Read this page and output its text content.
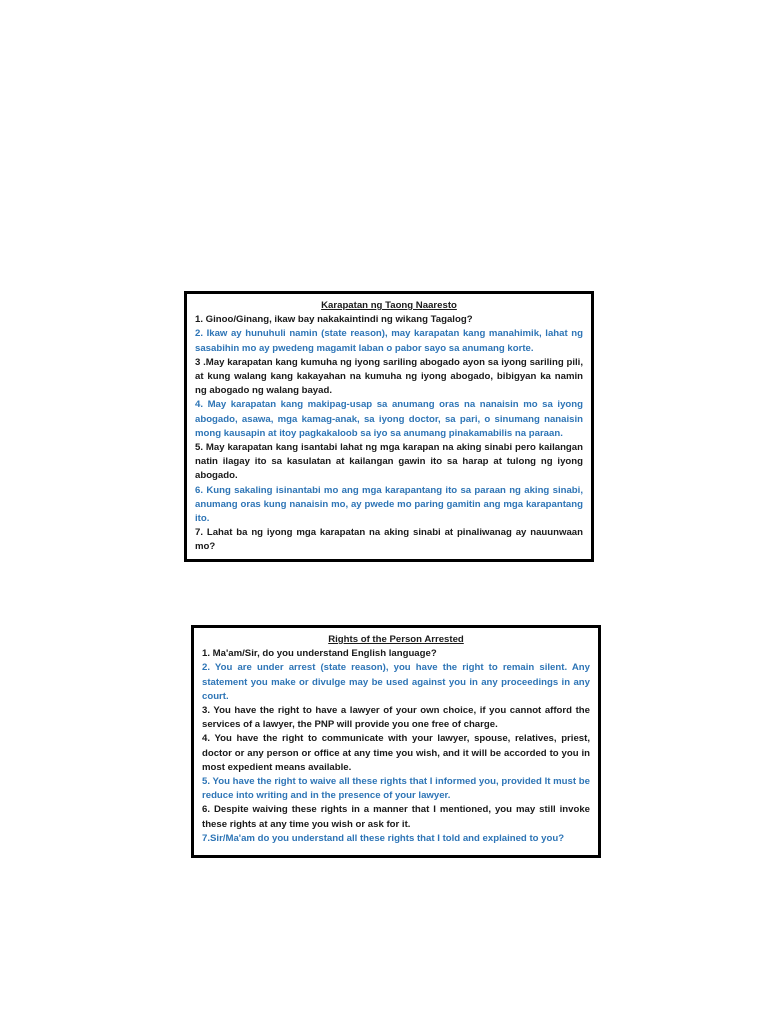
Karapatan ng Taong Naaresto

1. Ginoo/Ginang, ikaw bay nakakaintindi ng wikang Tagalog?

2. Ikaw ay hunuhuli namin (state reason), may karapatan kang manahimik, lahat ng sasabihin mo ay pwedeng magamit laban o pabor sayo sa anumang korte.

3 .May karapatan kang kumuha ng iyong sariling abogado ayon sa iyong sariling pili, at kung walang kang kakayahan na kumuha ng iyong abogado, bibigyan ka namin ng abogado ng walang bayad.

4. May karapatan kang makipag-usap sa anumang oras na nanaisin mo sa iyong abogado, asawa, mga kamag-anak, sa iyong doctor, sa pari, o sinumang nanaisin mong kausapin at itoy pagkakaloob sa iyo sa anumang pinakamabilis na paraan.

5. May karapatan kang isantabi lahat ng mga karapan na aking sinabi pero kailangan natin ilagay ito sa kasulatan at kailangan gawin ito sa harap at tulong ng iyong abogado.

6. Kung sakaling isinantabi mo ang mga karapantang ito sa paraan ng aking sinabi, anumang oras kung nanaisin mo, ay pwede mo paring gamitin ang mga karapantang ito.

7. Lahat ba ng iyong mga karapatan na aking sinabi at pinaliwanag ay nauunwaan mo?

Rights of the Person Arrested

1. Ma'am/Sir, do you understand English language?

2. You are under arrest (state reason), you have the right to remain silent. Any statement you make or divulge may be used against you in any proceedings in any court.

3. You have the right to have a lawyer of your own choice, if you cannot afford the services of a lawyer, the PNP will provide you one free of charge.

4. You have the right to communicate with your lawyer, spouse, relatives, priest, doctor or any person or office at any time you wish, and it will be accorded to you in most expedient means available.

5. You have the right to waive all these rights that I informed you, provided It must be reduce into writing and in the presence of your lawyer.

6. Despite waiving these rights in a manner that I mentioned, you may still invoke these rights at any time you wish or ask for it.

7.Sir/Ma'am do you understand all these rights that I told and explained to you?
